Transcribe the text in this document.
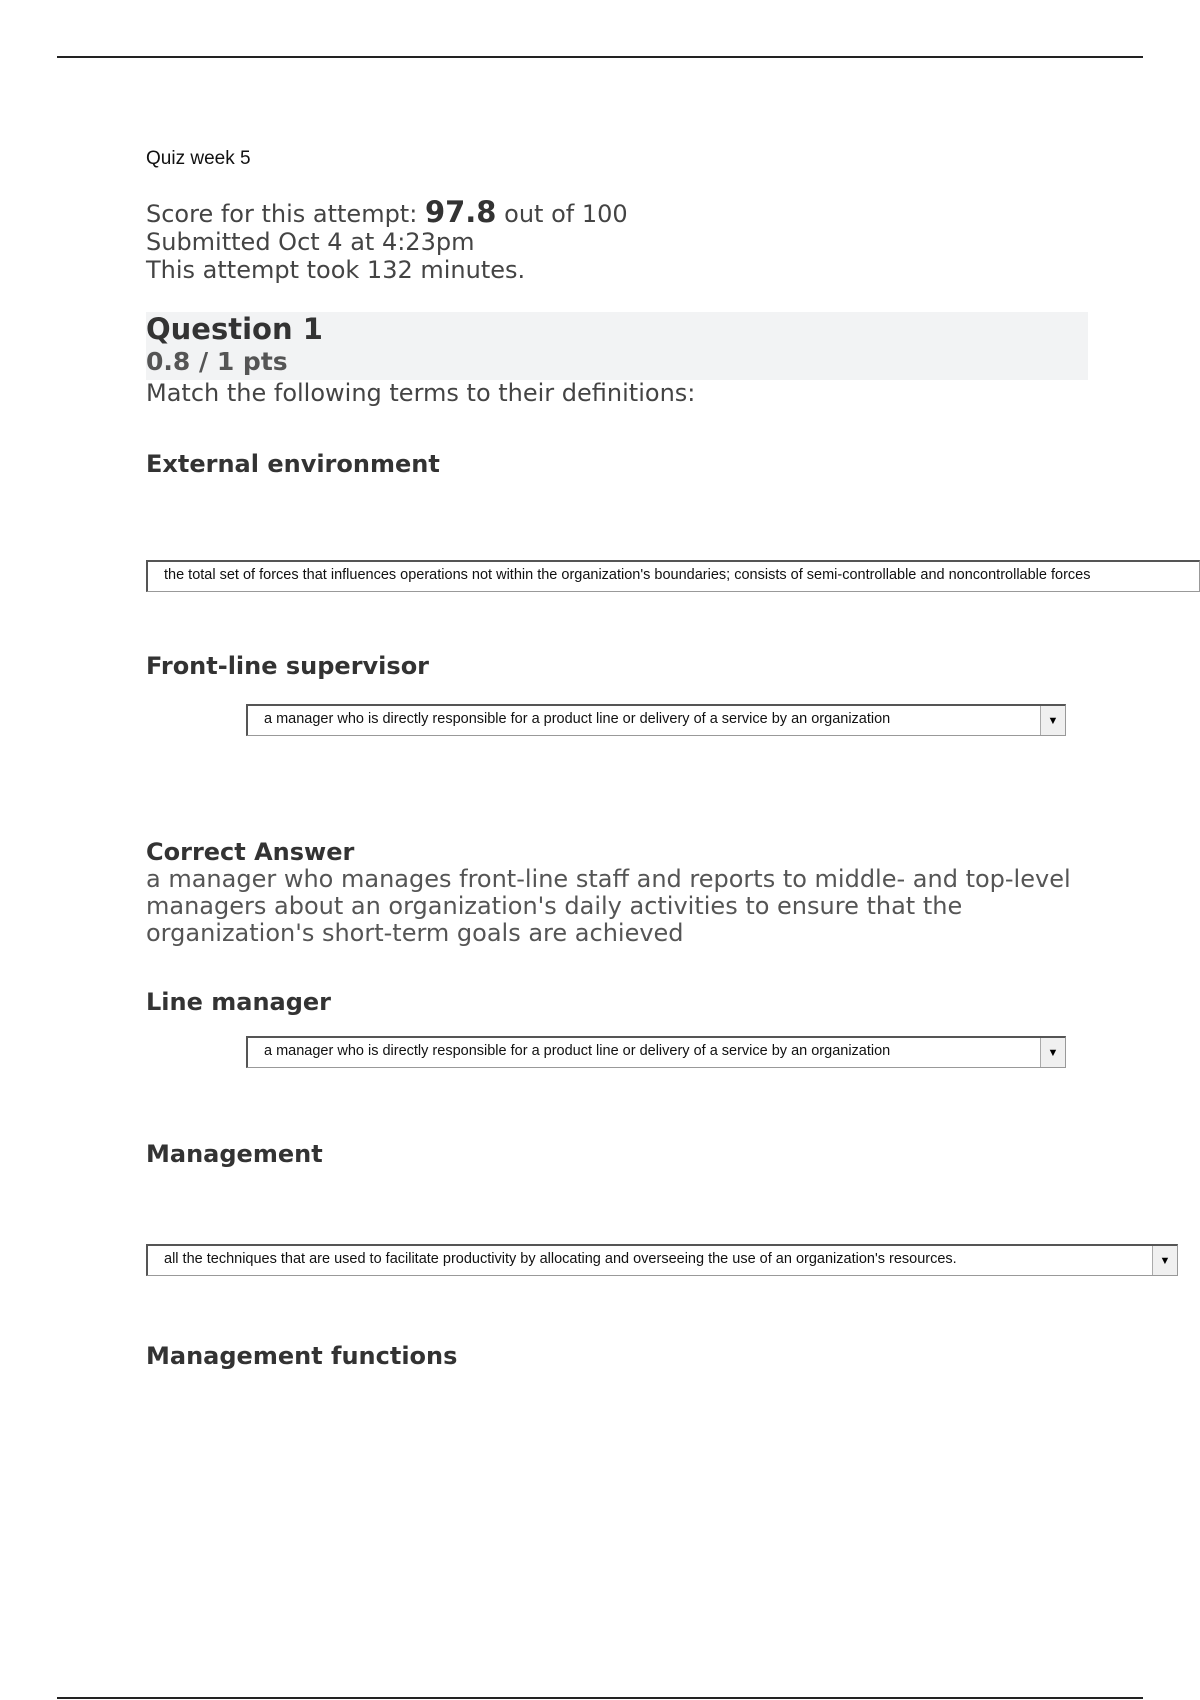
Quiz week 5
Score for this attempt: 97.8 out of 100
Submitted Oct 4 at 4:23pm
This attempt took 132 minutes.
Question 1
0.8 / 1 pts
Match the following terms to their definitions:
External environment
the total set of forces that influences operations not within the organization's boundaries; consists of semi-controllable and noncontrollable forces
Front-line supervisor
a manager who is directly responsible for a product line or delivery of a service by an organization	▼
Correct Answer
a manager who manages front-line staff and reports to middle- and top-level managers about an organization's daily activities to ensure that the organization's short-term goals are achieved
Line manager
a manager who is directly responsible for a product line or delivery of a service by an organization	▼
Management
all the techniques that are used to facilitate productivity by allocating and overseeing the use of an organization's resources.	▼
Management functions
